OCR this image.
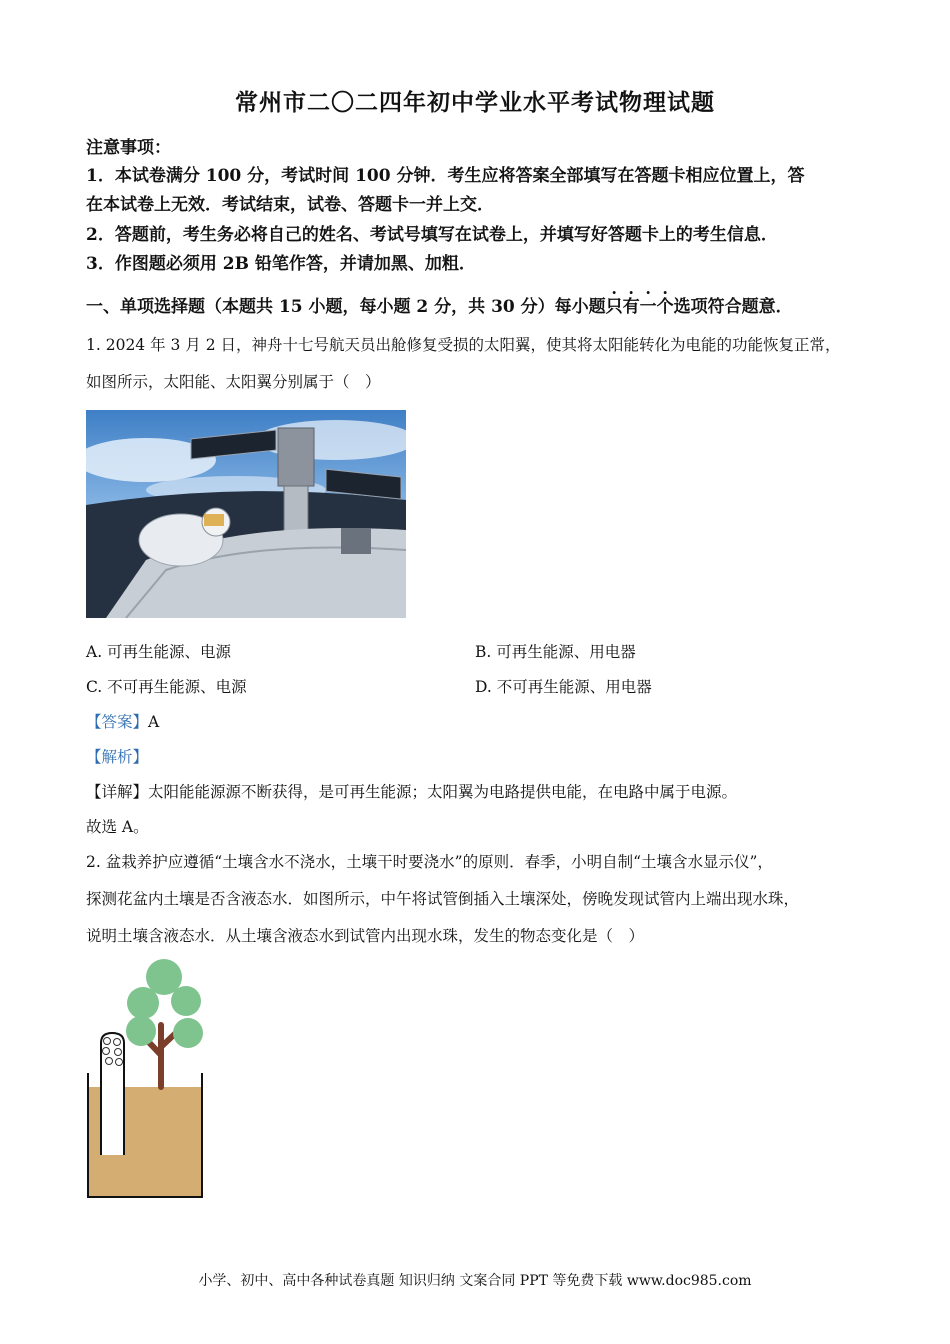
常州市二〇二四年初中学业水平考试物理试题
注意事项：
1．本试卷满分 100 分，考试时间 100 分钟．考生应将答案全部填写在答题卡相应位置上，答
在本试卷上无效．考试结束，试卷、答题卡一并上交．
2．答题前，考生务必将自己的姓名、考试号填写在试卷上，并填写好答题卡上的考生信息．
3．作图题必须用 2B 铅笔作答，并请加黑、加粗．
一、单项选择题（本题共 15 小题，每小题 2 分，共 30 分）每小题只有一个选项符合题意．
1. 2024 年 3 月 2 日，神舟十七号航天员出舱修复受损的太阳翼，使其将太阳能转化为电能的功能恢复正常，
如图所示，太阳能、太阳翼分别属于（　）
A. 可再生能源、电源	B. 可再生能源、用电器
C. 不可再生能源、电源	D. 不可再生能源、用电器
【答案】A
【解析】
【详解】太阳能能源源不断获得，是可再生能源；太阳翼为电路提供电能，在电路中属于电源。
故选 A。
2. 盆栽养护应遵循“土壤含水不浇水，土壤干时要浇水”的原则．春季，小明自制“土壤含水显示仪”，
探测花盆内土壤是否含液态水．如图所示，中午将试管倒插入土壤深处，傍晚发现试管内上端出现水珠，
说明土壤含液态水．从土壤含液态水到试管内出现水珠，发生的物态变化是（　）
小学、初中、高中各种试卷真题 知识归纳 文案合同 PPT 等免费下载 www.doc985.com
